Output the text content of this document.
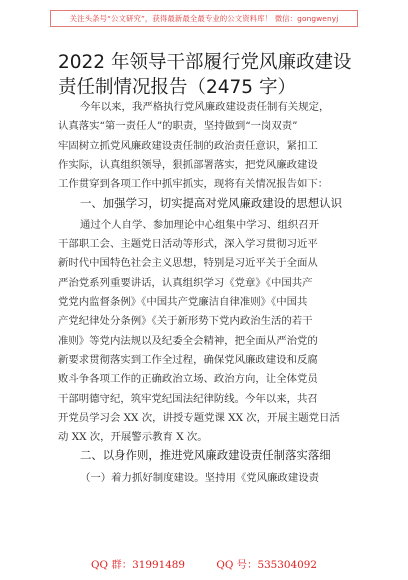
关注头条号“公文研究”，获得最新最全最专业的公文资料库！ 微信：gongwenyj
2022 年领导干部履行党风廉政建设责任制情况报告（2475 字）
今年以来，我严格执行党风廉政建设责任制有关规定，
认真落实“第一责任人”的职责，坚持做到“一岗双责”
牢固树立抓党风廉政建设责任制的政治责任意识，紧扣工
作实际，认真组织领导，狠抓部署落实，把党风廉政建设
工作贯穿到各项工作中抓牢抓实，现将有关情况报告如下：
一、加强学习，切实提高对党风廉政建设的思想认识
通过个人自学、参加理论中心组集中学习、组织召开
干部职工会、主题党日活动等形式，深入学习贯彻习近平
新时代中国特色社会主义思想，特别是习近平关于全面从
严治党系列重要讲话，认真组织学习《党章》《中国共产
党党内监督条例》《中国共产党廉洁自律准则》《中国共
产党纪律处分条例》《关于新形势下党内政治生活的若干
准则》等党内法规以及纪委全会精神，把全面从严治党的
新要求贯彻落实到工作全过程，确保党风廉政建设和反腐
败斗争各项工作的正确政治立场、政治方向，让全体党员
干部明德守纪，筑牢党纪国法纪律防线。今年以来，共召
开党员学习会 XX 次，讲授专题党课 XX 次，开展主题党日活
动 XX 次，开展警示教育 X 次。
二、以身作则，推进党风廉政建设责任制落实落细
（一）着力抓好制度建设。坚持用《党风廉政建设责
QQ 群：31991489	QQ 号：535304092
